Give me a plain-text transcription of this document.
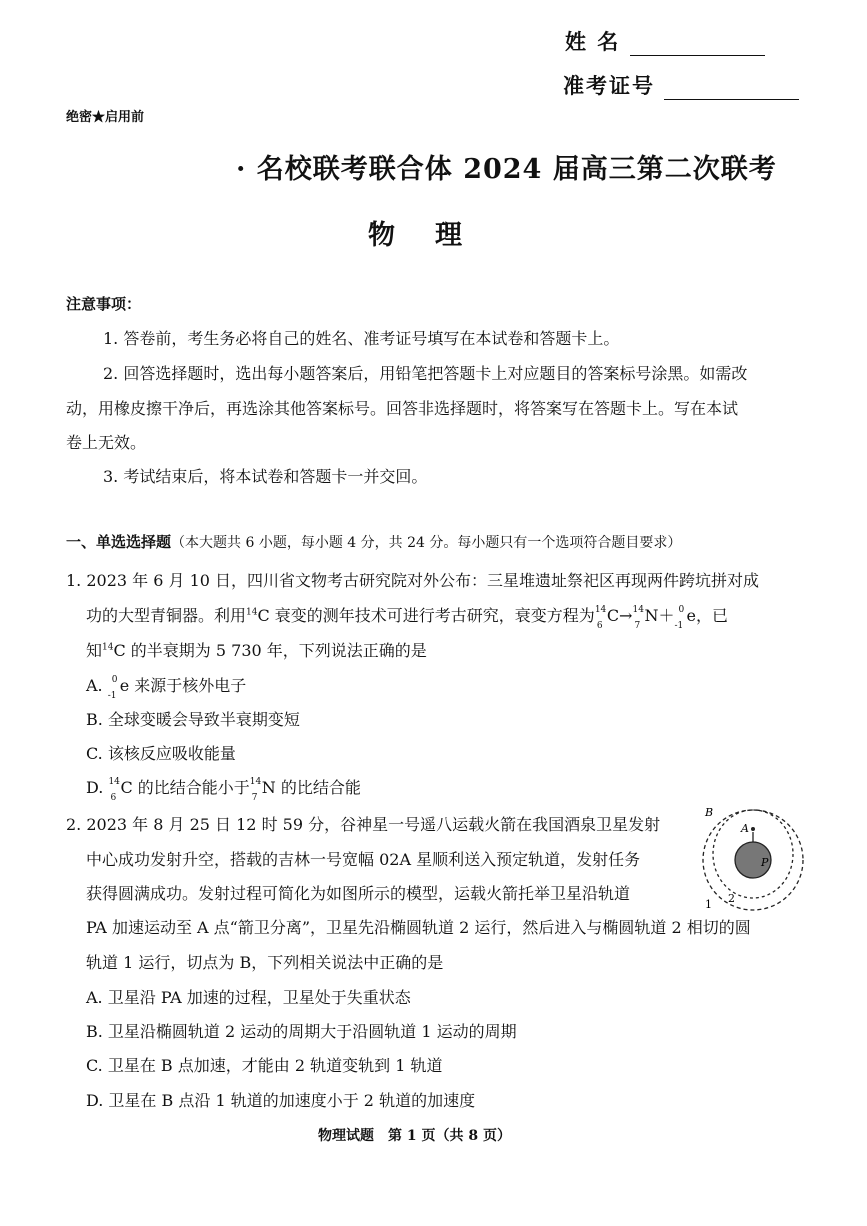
姓 名
准考证号
绝密★启用前
· 名校联考联合体 2024 届高三第二次联考
物理
注意事项：
1. 答卷前，考生务必将自己的姓名、准考证号填写在本试卷和答题卡上。
2. 回答选择题时，选出每小题答案后，用铅笔把答题卡上对应题目的答案标号涂黑。如需改
动，用橡皮擦干净后，再选涂其他答案标号。回答非选择题时，将答案写在答题卡上。写在本试
卷上无效。
3. 考试结束后，将本试卷和答题卡一并交回。
一、单选选择题（本大题共 6 小题，每小题 4 分，共 24 分。每小题只有一个选项符合题目要求）
1. 2023 年 6 月 10 日，四川省文物考古研究院对外公布：三星堆遗址祭祀区再现两件跨坑拼对成
功的大型青铜器。利用$^{14}$C 衰变的测年技术可进行考古研究，衰变方程为 14
6
C→ 14
7
N＋ 0
-1
e，已
知$^{14}$C 的半衰期为 5 730 年，下列说法正确的是
A. 0
-1
e 来源于核外电子
B. 全球变暖会导致半衰期变短
C. 该核反应吸收能量
D. 14
6
C 的比结合能小于 14
7
N 的比结合能
2. 2023 年 8 月 25 日 12 时 59 分，谷神星一号遥八运载火箭在我国酒泉卫星发射
中心成功发射升空，搭载的吉林一号宽幅 02A 星顺利送入预定轨道，发射任务
获得圆满成功。发射过程可简化为如图所示的模型，运载火箭托举卫星沿轨道
PA 加速运动至 A 点“箭卫分离”，卫星先沿椭圆轨道 2 运行，然后进入与椭圆轨道 2 相切的圆
轨道 1 运行，切点为 B，下列相关说法中正确的是
A. 卫星沿 PA 加速的过程，卫星处于失重状态
B. 卫星沿椭圆轨道 2 运动的周期大于沿圆轨道 1 运动的周期
C. 卫星在 B 点加速，才能由 2 轨道变轨到 1 轨道
D. 卫星在 B 点沿 1 轨道的加速度小于 2 轨道的加速度
A
P
B
1 2
物理试题　第 1 页（共 8 页）
